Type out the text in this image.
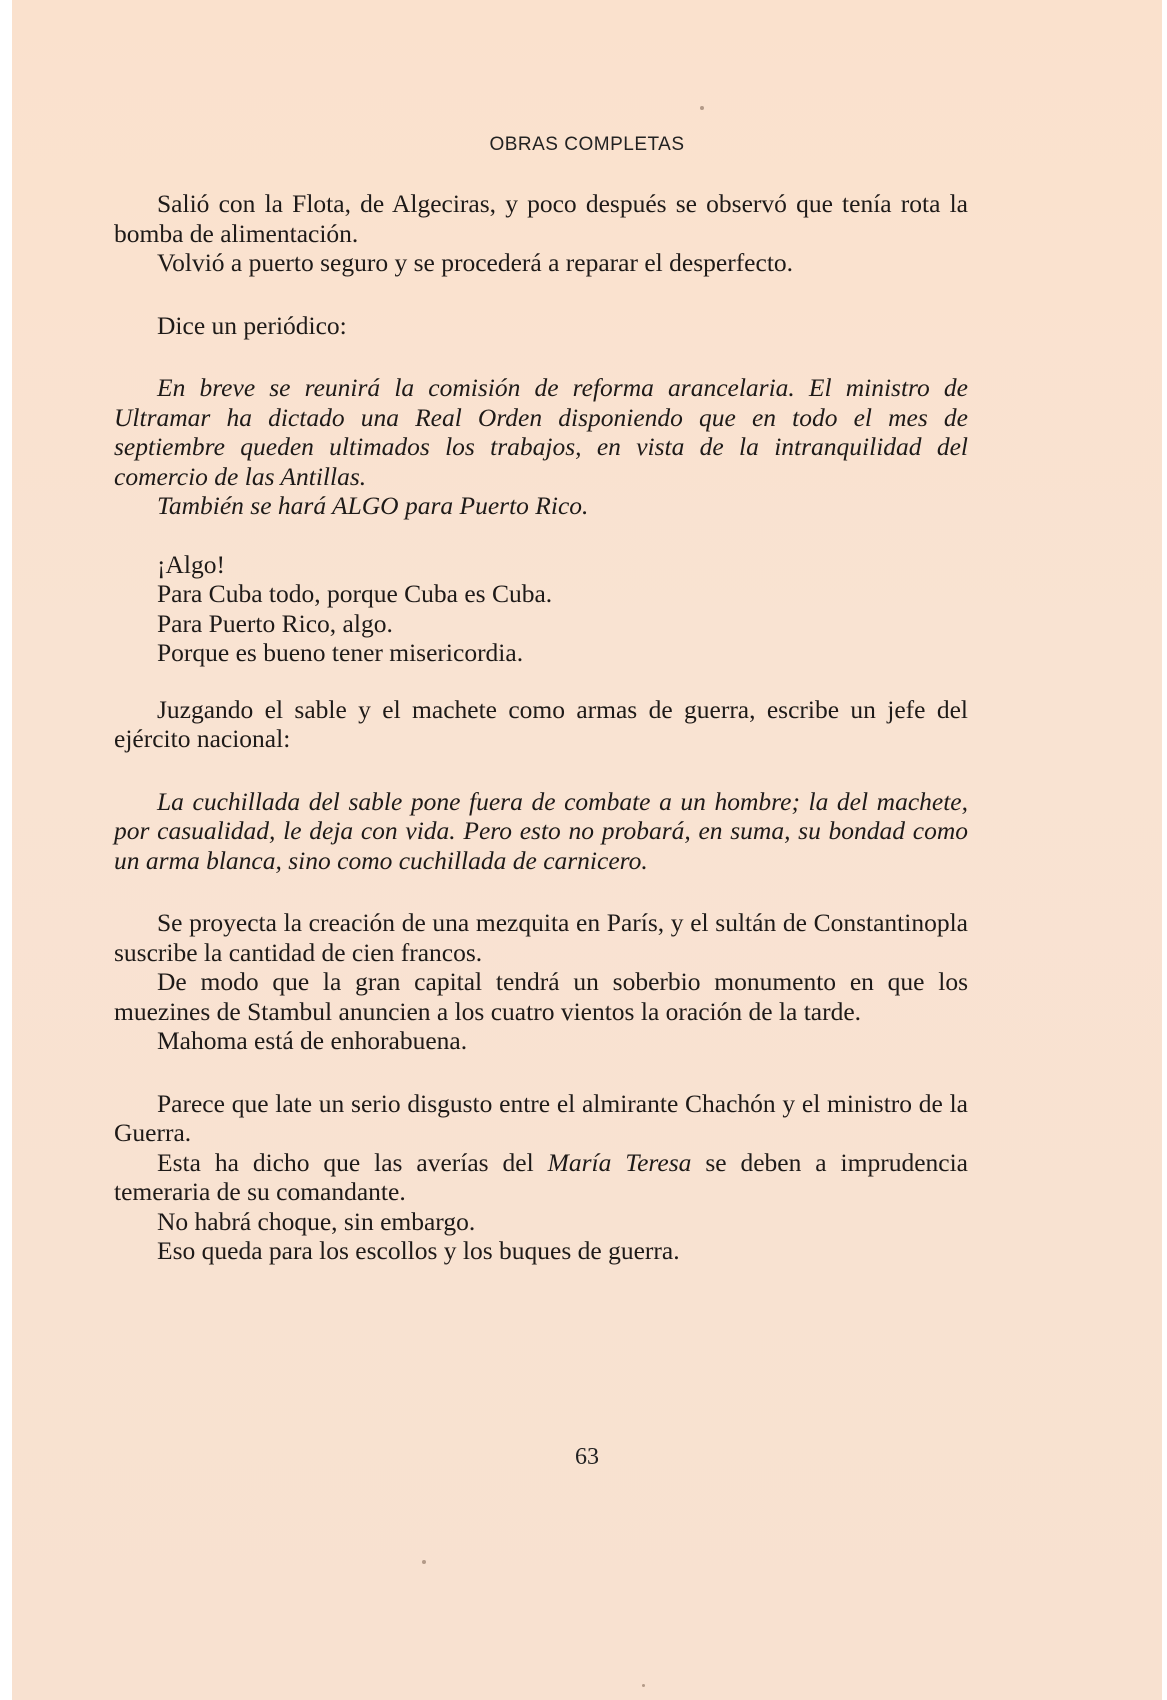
OBRAS COMPLETAS

Salió con la Flota, de Algeciras, y poco después se observó que tenía rota la bomba de alimentación.

Volvió a puerto seguro y se procederá a reparar el desperfecto.

Dice un periódico:

En breve se reunirá la comisión de reforma arancelaria. El ministro de Ultramar ha dictado una Real Orden disponiendo que en todo el mes de septiembre queden ultimados los trabajos, en vista de la intranquilidad del comercio de las Antillas.

También se hará ALGO para Puerto Rico.

¡Algo!

Para Cuba todo, porque Cuba es Cuba.

Para Puerto Rico, algo.

Porque es bueno tener misericordia.

Juzgando el sable y el machete como armas de guerra, escribe un jefe del ejército nacional:

La cuchillada del sable pone fuera de combate a un hombre; la del machete, por casualidad, le deja con vida. Pero esto no probará, en suma, su bondad como un arma blanca, sino como cuchillada de carnicero.

Se proyecta la creación de una mezquita en París, y el sultán de Constantinopla suscribe la cantidad de cien francos.

De modo que la gran capital tendrá un soberbio monumento en que los muezines de Stambul anuncien a los cuatro vientos la oración de la tarde.

Mahoma está de enhorabuena.

Parece que late un serio disgusto entre el almirante Chachón y el ministro de la Guerra.

Esta ha dicho que las averías del María Teresa se deben a imprudencia temeraria de su comandante.

No habrá choque, sin embargo.

Eso queda para los escollos y los buques de guerra.

63
